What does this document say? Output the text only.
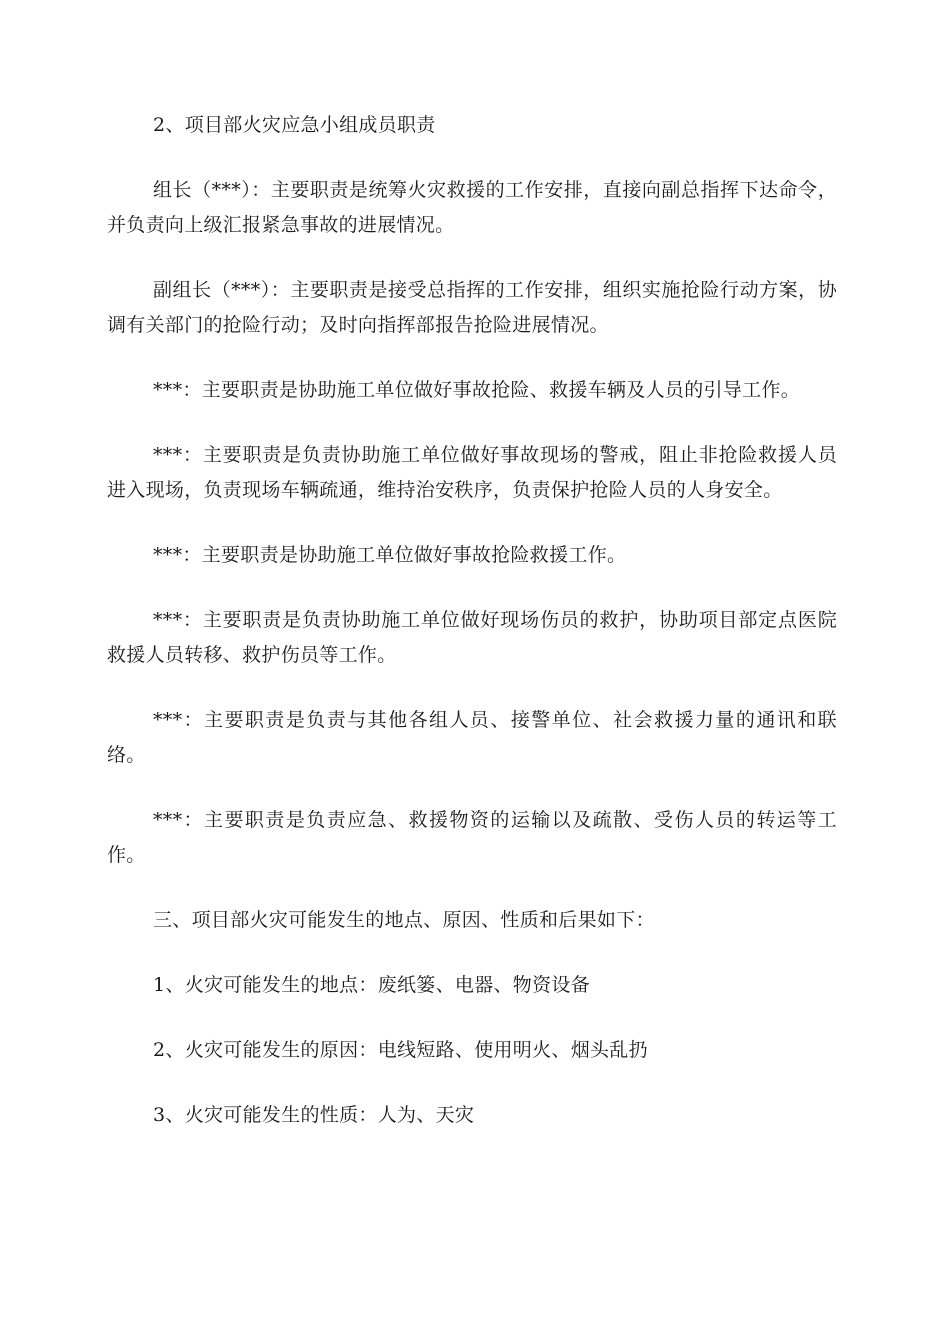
2、项目部火灾应急小组成员职责

组长（***）：主要职责是统筹火灾救援的工作安排，直接向副总指挥下达命令，并负责向上级汇报紧急事故的进展情况。

副组长（***）：主要职责是接受总指挥的工作安排，组织实施抢险行动方案，协调有关部门的抢险行动；及时向指挥部报告抢险进展情况。

***：主要职责是协助施工单位做好事故抢险、救援车辆及人员的引导工作。

***：主要职责是负责协助施工单位做好事故现场的警戒，阻止非抢险救援人员进入现场，负责现场车辆疏通，维持治安秩序，负责保护抢险人员的人身安全。

***：主要职责是协助施工单位做好事故抢险救援工作。

***：主要职责是负责协助施工单位做好现场伤员的救护，协助项目部定点医院救援人员转移、救护伤员等工作。

***：主要职责是负责与其他各组人员、接警单位、社会救援力量的通讯和联络。

***：主要职责是负责应急、救援物资的运输以及疏散、受伤人员的转运等工作。

三、项目部火灾可能发生的地点、原因、性质和后果如下：

1、火灾可能发生的地点：废纸篓、电器、物资设备

2、火灾可能发生的原因：电线短路、使用明火、烟头乱扔

3、火灾可能发生的性质：人为、天灾
